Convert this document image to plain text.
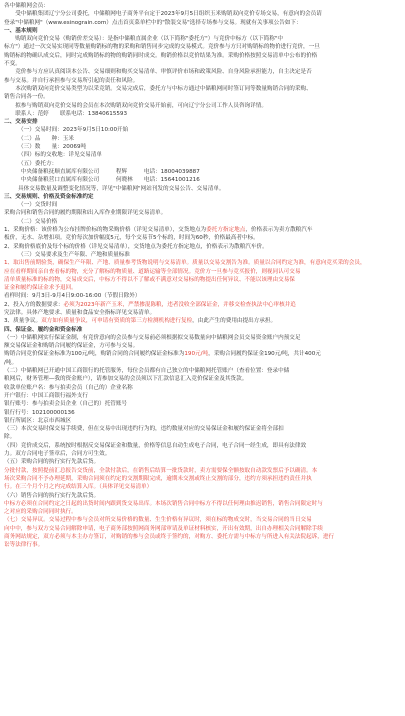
各中储粮网会员：
　　受中储粮集团辽宁分公司委托，中储粮网电子商务平台定于2023年9月5日组织玉米购销双向竞价专场交易，有意向的会员请
登录"中储粮网"（www.esinograin.com）点击首页菜单栏中的"散装交易"选择专场参与交易。现就有关事项公告如下：
一、基本规则
　　购销双向竞价交易（购销价差交易）：是指中储粮直属企业（以下简称"委托方"）与竞价中标方（以下简称"中
标方"）通过一次交易实现同等数量购销标的物的采购和销售同步完成的交易模式。竞价参与方只对购销标的物价进行竞价，一旦
购销标的物确认成交后，同时完成购销标的物的购销同时成交。购销价格以竞价结果为准。采购价格按照交易清单中公布的价格
不变。
　　竞价参与方应认真阅读本公告、交易细则和购买交易清单、审慎评价市场和政策风险、自身风险承担能力，自主决定是否
参与交易。并自行承担参与交易所引起的责任和风险。
　　本次购销双向竞价交易类型为以采竞销。交易完成后，委托方与中标方通过中储粮网同时签订同等数量购销合同的采购、
销售合同各一份。
　　拟参与购销双向竞价交易的会员在本次购销双向竞价交易开始前，可向辽宁分公司工作人员咨询详情。
　　联系人：范婷　　联系电话：13840615593
二、交易安排
（一）交易时间：2023年9月5日10:00开始
（二）品　　种：玉米
（三）数　　量：20069吨
（四）标的交收地：详见交易清单
（五）委托方：
　　　中央储备粮抚顺直属库有限公司　　　程辉　　　电话：18004039887
　　　中央储备粮营口直属库有限公司　　　何晓林　　电话：15641001216
具体交易数量及调整变化情况等，详见"中储粮网"网站刊发的交易公告、交易清单。
三、交易规则、价格及资金标准约定
（一）交货时间
采购合同和销售合同的履约期限和出入库作业期限详见交易清单。
（二）交易价格
1、采购价格：该价格为公布挂牌价标的物采购价格（详见交易清单），交货地点为委托方指定地点，价格表示为卖方散粮汽车
板价，无水、杂增扣项。竞价每次加价幅度5元，每个交易节5个标的，时间为60秒，价格最高者中标。
2、采购价格底价及每个标的价格（详见交易清单），交货地点为委托方指定地点，价格表示为散粮汽车价。
（三）交易要求及生产年限、产地和质量标准
1、取出售前期验货，确保生产年限、产地、质量参考货物说明与交易清单。质量以交易交割告为准。质量以合同约定为准，有意向竞买采的会员，
应在看样期间亲自查看标的物，充分了解标的物质量、道路运输等全部情况。竞价方一旦参与竞买报价，则视同认可交易
清单质量标准的标的物，交易成交后，中标方不得以不了解或不满意对交易标的物提出任何异议、不能以该理由交易保
证金和履约保证金求予退回。
看样时间：9月3日-9月4日9:00-16:00（节假日除外）
2、投入方的数据要求：必须为2023年新产玉米，严禁掺混陈粮，违者没收全部保证金，并移交检查执法中心审核并追
究法律。具体产地要求、质量和食品安全指标详见交易清单。
3、质量争议。双方如有质量争议，可申请有资质的第三方检测机构进行复检，由此产生的费用由提出方承担。
四、保证金、履约金和资金标准
（一）中储粮网实行保证金制，有竞价意向的会员参与交易前必须根据拟交易数量向中储粮网会员交易资金账户内预交足
额交易保证金和购销合同履约保证金，方可参与交易。
购销合同竞价保证金标准为100元/吨，购销合同的合同履约保证金标准为190元/吨，采购合同履约保证金190元/吨，共计400元
/吨。
（二）中储粮网已开通中国工商银行的托管服务，每位会员都有自己独立的中储粮网托管账户（查看位置：登录中储
粮网后，财务管理—我的资金账户），请参加交易的会员须以下汇款信息汇入竞价保证金及其货款。
收款单位账户名：参与拍卖会员（自己的）企业名称
开户银行：中国工商银行福外支行
银行账号：参与拍卖会员企业（自己的）托管账号
银行行号：102100000136
银行所属区：北京市西城区
（三）本次交易时保交易手续费，但在交易中出现违约行为的，违约数量对应的交易保证金和履约保证金将全部扣
除。
（四）竞价成交后，系统按时根据反交易保证金和数量，价格等信息自动生成电子合同，电子合同一经生成，即具有法律效
力。双方合同电子签章后，合同方可生效。
（五）采购合同的执行实行先款后货。
分批付款，按照提前汇总报告交货前，全款付款后，在销售后结算一批货款时，卖方需要保全额按取自动款发票后予以确清。本
场次采购合同不予办理延期，采购合同须在约定的交割期限完成，逾期未交割或终止交割的部分，违约方须承担违约责任并执
行。在三个月个月之内完成结算入库。（具体详见交易清单）
（六）销售合同的执行实行先款后货。
中标方必须在合同约定之日起的出货时间内跟到货交易出库。本场次销售合同中标方不得以任何理由推迟销售，销售合同限定时与
之对应的采购合同同时执行。
（七）交易异议。交易过程中参与会员对所交易价格的数量、生生价格有异议时，须在标的物成交时，当交易合同的当日交易
向中中，参与双方交易合同解除申请，电子商务部按照网商务网部审请及单证材料核实，开出有效期，出自办理相关合同解除手续
商务网站规定，双方必须与本主办方签订，对购销的参与会员或终于签约的，对购方、委托方需与中标方与所进入有关法院起诉，进行
讼等法律行事。
